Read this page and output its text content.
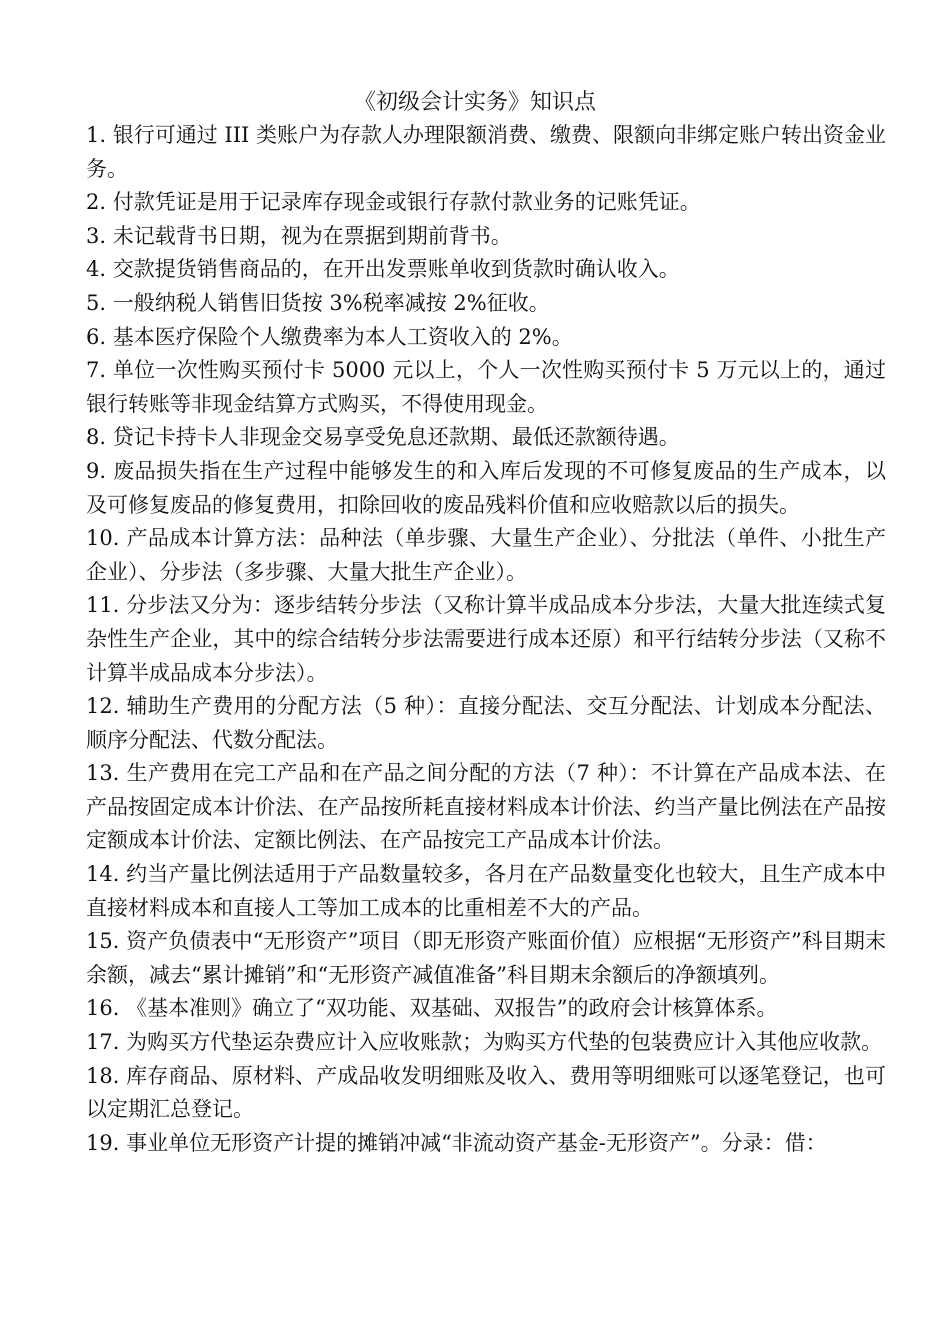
《初级会计实务》知识点

1. 银行可通过 III 类账户为存款人办理限额消费、缴费、限额向非绑定账户转出资金业务。

2. 付款凭证是用于记录库存现金或银行存款付款业务的记账凭证。

3. 未记载背书日期，视为在票据到期前背书。

4. 交款提货销售商品的，在开出发票账单收到货款时确认收入。

5. 一般纳税人销售旧货按 3%税率减按 2%征收。

6. 基本医疗保险个人缴费率为本人工资收入的 2%。

7. 单位一次性购买预付卡 5000 元以上，个人一次性购买预付卡 5 万元以上的，通过银行转账等非现金结算方式购买，不得使用现金。

8. 贷记卡持卡人非现金交易享受免息还款期、最低还款额待遇。

9. 废品损失指在生产过程中能够发生的和入库后发现的不可修复废品的生产成本，以及可修复废品的修复费用，扣除回收的废品残料价值和应收赔款以后的损失。

10. 产品成本计算方法：品种法（单步骤、大量生产企业）、分批法（单件、小批生产企业）、分步法（多步骤、大量大批生产企业）。

11. 分步法又分为：逐步结转分步法（又称计算半成品成本分步法，大量大批连续式复杂性生产企业，其中的综合结转分步法需要进行成本还原）和平行结转分步法（又称不计算半成品成本分步法）。

12. 辅助生产费用的分配方法（5 种）：直接分配法、交互分配法、计划成本分配法、顺序分配法、代数分配法。

13. 生产费用在完工产品和在产品之间分配的方法（7 种）：不计算在产品成本法、在产品按固定成本计价法、在产品按所耗直接材料成本计价法、约当产量比例法在产品按定额成本计价法、定额比例法、在产品按完工产品成本计价法。

14. 约当产量比例法适用于产品数量较多，各月在产品数量变化也较大，且生产成本中直接材料成本和直接人工等加工成本的比重相差不大的产品。

15. 资产负债表中“无形资产”项目（即无形资产账面价值）应根据“无形资产”科目期末余额，减去“累计摊销”和“无形资产减值准备”科目期末余额后的净额填列。

16. 《基本准则》确立了“双功能、双基础、双报告”的政府会计核算体系。

17. 为购买方代垫运杂费应计入应收账款；为购买方代垫的包装费应计入其他应收款。

18. 库存商品、原材料、产成品收发明细账及收入、费用等明细账可以逐笔登记，也可以定期汇总登记。

19. 事业单位无形资产计提的摊销冲减“非流动资产基金-无形资产”。分录：借：
